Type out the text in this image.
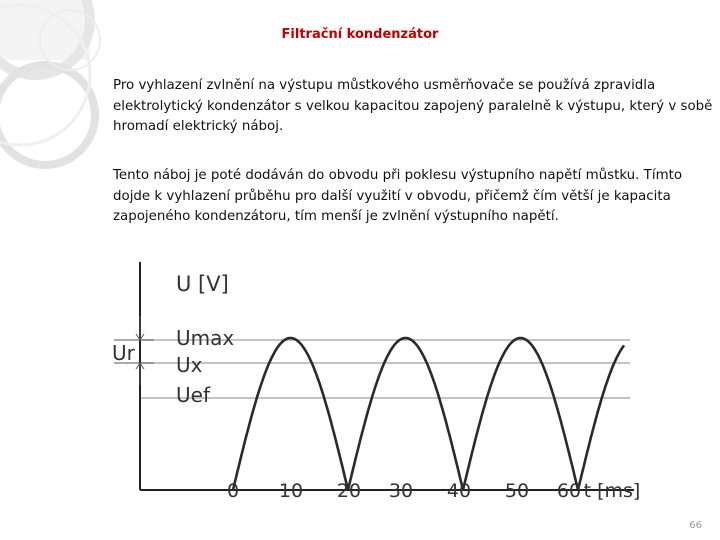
Filtrační kondenzátor

Pro vyhlazení zvlnění na výstupu můstkového usměrňovače se používá zpravidla elektrolytický kondenzátor s velkou kapacitou zapojený paralelně k výstupu, který v sobě hromadí elektrický náboj.

Tento náboj je poté dodáván do obvodu při poklesu výstupního napětí můstku. Tímto dojde k vyhlazení průběhu pro další využití v obvodu, přičemž čím větší je kapacita zapojeného kondenzátoru, tím menší je zvlnění výstupního napětí.

Ur
U [V]
Umax
Ux
Uef
0 10 20 30 40 50 60 t [ms]
66
